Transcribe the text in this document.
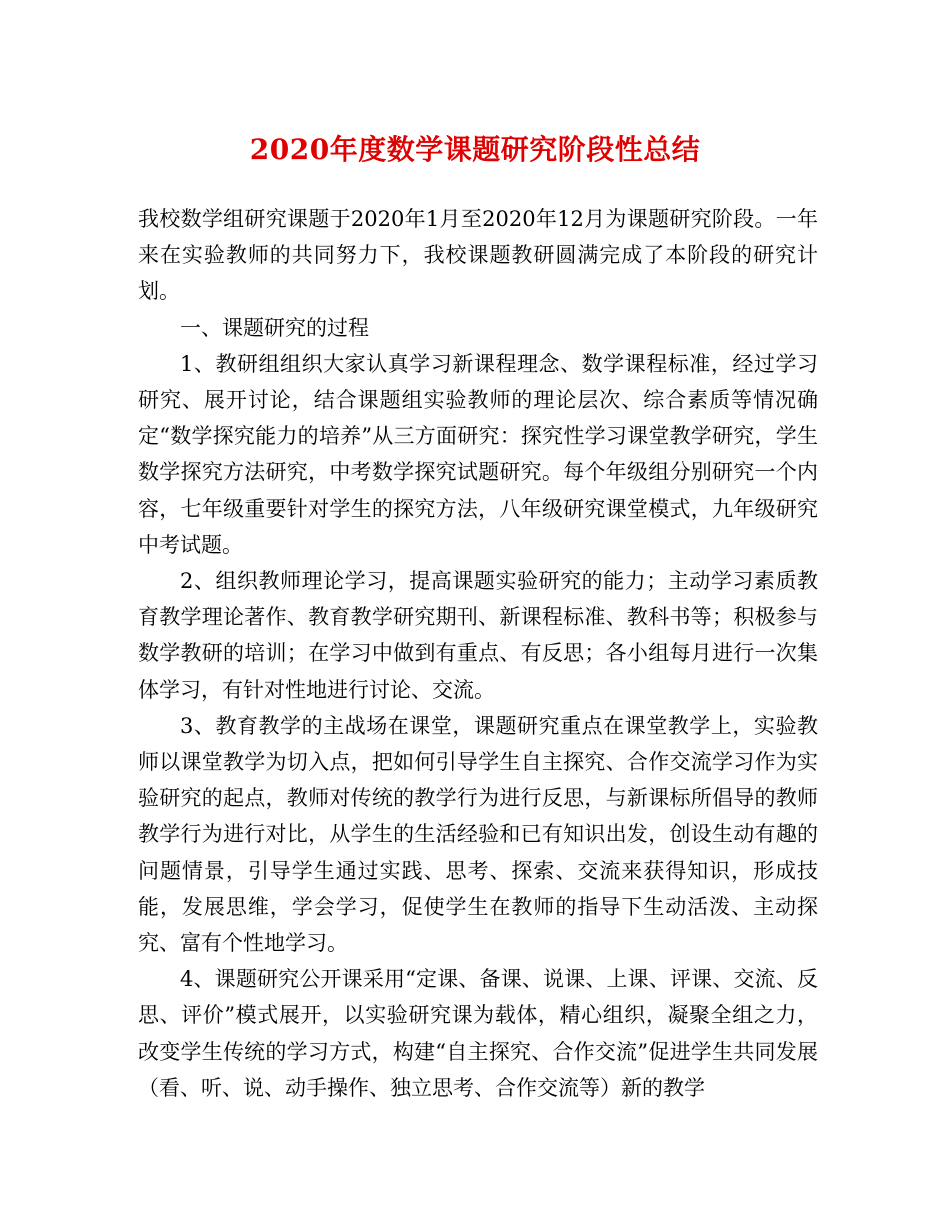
2020年度数学课题研究阶段性总结

我校数学组研究课题于2020年1月至2020年12月为课题研究阶段。一年来在实验教师的共同努力下，我校课题教研圆满完成了本阶段的研究计划。

一、课题研究的过程

1、教研组组织大家认真学习新课程理念、数学课程标准，经过学习研究、展开讨论，结合课题组实验教师的理论层次、综合素质等情况确定“数学探究能力的培养”从三方面研究：探究性学习课堂教学研究，学生数学探究方法研究，中考数学探究试题研究。每个年级组分别研究一个内容，七年级重要针对学生的探究方法，八年级研究课堂模式，九年级研究中考试题。

2、组织教师理论学习，提高课题实验研究的能力；主动学习素质教育教学理论著作、教育教学研究期刊、新课程标准、教科书等；积极参与数学教研的培训；在学习中做到有重点、有反思；各小组每月进行一次集体学习，有针对性地进行讨论、交流。

3、教育教学的主战场在课堂，课题研究重点在课堂教学上，实验教师以课堂教学为切入点，把如何引导学生自主探究、合作交流学习作为实验研究的起点，教师对传统的教学行为进行反思，与新课标所倡导的教师教学行为进行对比，从学生的生活经验和已有知识出发，创设生动有趣的问题情景，引导学生通过实践、思考、探索、交流来获得知识，形成技能，发展思维，学会学习，促使学生在教师的指导下生动活泼、主动探究、富有个性地学习。

4、课题研究公开课采用“定课、备课、说课、上课、评课、交流、反思、评价”模式展开，以实验研究课为载体，精心组织，凝聚全组之力，改变学生传统的学习方式，构建“自主探究、合作交流”促进学生共同发展（看、听、说、动手操作、独立思考、合作交流等）新的教学
